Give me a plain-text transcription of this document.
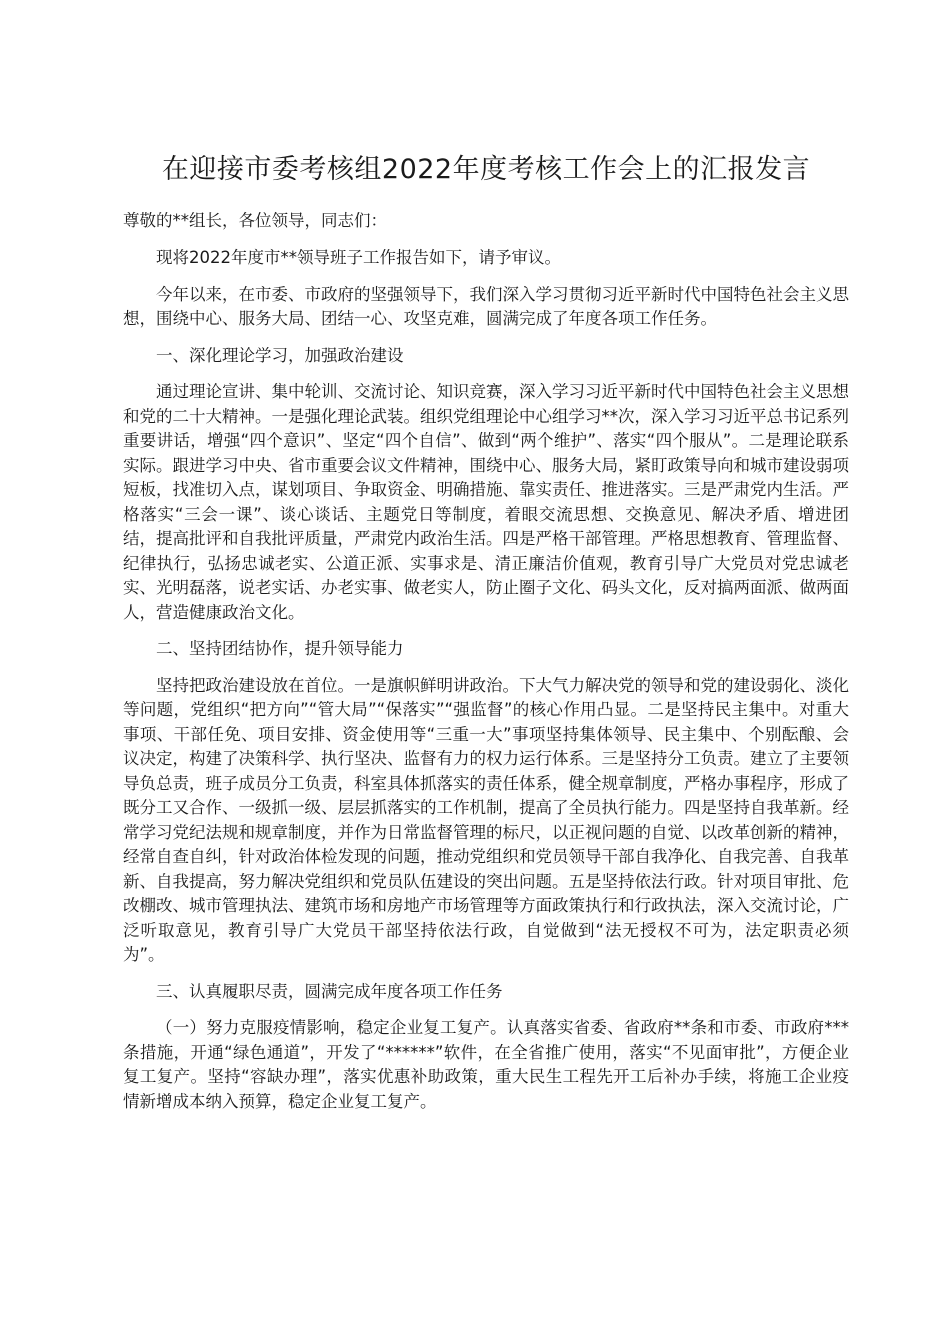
在迎接市委考核组2022年度考核工作会上的汇报发言

尊敬的**组长，各位领导，同志们：

现将2022年度市**领导班子工作报告如下，请予审议。

今年以来，在市委、市政府的坚强领导下，我们深入学习贯彻习近平新时代中国特色社会主义思想，围绕中心、服务大局、团结一心、攻坚克难，圆满完成了年度各项工作任务。

一、深化理论学习，加强政治建设

通过理论宣讲、集中轮训、交流讨论、知识竞赛，深入学习习近平新时代中国特色社会主义思想和党的二十大精神。一是强化理论武装。组织党组理论中心组学习**次，深入学习习近平总书记系列重要讲话，增强“四个意识”、坚定“四个自信”、做到“两个维护”、落实“四个服从”。二是理论联系实际。跟进学习中央、省市重要会议文件精神，围绕中心、服务大局，紧盯政策导向和城市建设弱项短板，找准切入点，谋划项目、争取资金、明确措施、靠实责任、推进落实。三是严肃党内生活。严格落实“三会一课”、谈心谈话、主题党日等制度，着眼交流思想、交换意见、解决矛盾、增进团结，提高批评和自我批评质量，严肃党内政治生活。四是严格干部管理。严格思想教育、管理监督、纪律执行，弘扬忠诚老实、公道正派、实事求是、清正廉洁价值观，教育引导广大党员对党忠诚老实、光明磊落，说老实话、办老实事、做老实人，防止圈子文化、码头文化，反对搞两面派、做两面人，营造健康政治文化。

二、坚持团结协作，提升领导能力

坚持把政治建设放在首位。一是旗帜鲜明讲政治。下大气力解决党的领导和党的建设弱化、淡化等问题，党组织“把方向”“管大局”“保落实”“强监督”的核心作用凸显。二是坚持民主集中。对重大事项、干部任免、项目安排、资金使用等“三重一大”事项坚持集体领导、民主集中、个别酝酿、会议决定，构建了决策科学、执行坚决、监督有力的权力运行体系。三是坚持分工负责。建立了主要领导负总责，班子成员分工负责，科室具体抓落实的责任体系，健全规章制度，严格办事程序，形成了既分工又合作、一级抓一级、层层抓落实的工作机制，提高了全员执行能力。四是坚持自我革新。经常学习党纪法规和规章制度，并作为日常监督管理的标尺，以正视问题的自觉、以改革创新的精神，经常自查自纠，针对政治体检发现的问题，推动党组织和党员领导干部自我净化、自我完善、自我革新、自我提高，努力解决党组织和党员队伍建设的突出问题。五是坚持依法行政。针对项目审批、危改棚改、城市管理执法、建筑市场和房地产市场管理等方面政策执行和行政执法，深入交流讨论，广泛听取意见，教育引导广大党员干部坚持依法行政，自觉做到“法无授权不可为，法定职责必须为”。

三、认真履职尽责，圆满完成年度各项工作任务

（一）努力克服疫情影响，稳定企业复工复产。认真落实省委、省政府**条和市委、市政府***条措施，开通“绿色通道”，开发了“******”软件，在全省推广使用，落实“不见面审批”，方便企业复工复产。坚持“容缺办理”，落实优惠补助政策，重大民生工程先开工后补办手续，将施工企业疫情新增成本纳入预算，稳定企业复工复产。
